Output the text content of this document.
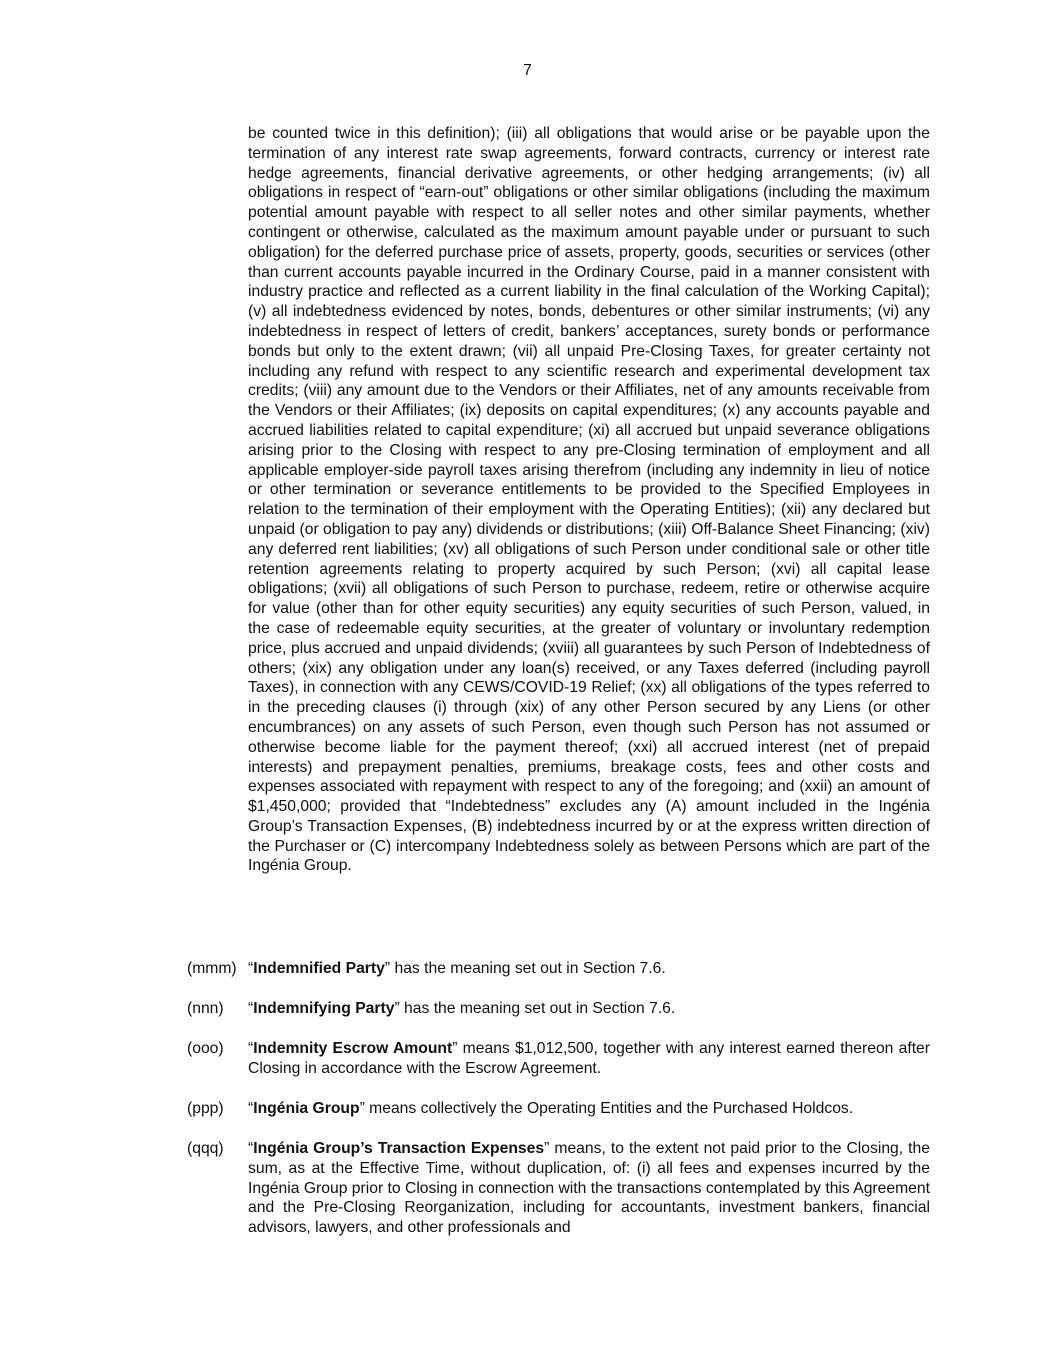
7

be counted twice in this definition); (iii) all obligations that would arise or be payable upon the termination of any interest rate swap agreements, forward contracts, currency or interest rate hedge agreements, financial derivative agreements, or other hedging arrangements; (iv) all obligations in respect of “earn-out” obligations or other similar obligations (including the maximum potential amount payable with respect to all seller notes and other similar payments, whether contingent or otherwise, calculated as the maximum amount payable under or pursuant to such obligation) for the deferred purchase price of assets, property, goods, securities or services (other than current accounts payable incurred in the Ordinary Course, paid in a manner consistent with industry practice and reflected as a current liability in the final calculation of the Working Capital); (v) all indebtedness evidenced by notes, bonds, debentures or other similar instruments; (vi) any indebtedness in respect of letters of credit, bankers’ acceptances, surety bonds or performance bonds but only to the extent drawn; (vii) all unpaid Pre-Closing Taxes, for greater certainty not including any refund with respect to any scientific research and experimental development tax credits; (viii) any amount due to the Vendors or their Affiliates, net of any amounts receivable from the Vendors or their Affiliates; (ix) deposits on capital expenditures; (x) any accounts payable and accrued liabilities related to capital expenditure; (xi) all accrued but unpaid severance obligations arising prior to the Closing with respect to any pre-Closing termination of employment and all applicable employer-side payroll taxes arising therefrom (including any indemnity in lieu of notice or other termination or severance entitlements to be provided to the Specified Employees in relation to the termination of their employment with the Operating Entities); (xii) any declared but unpaid (or obligation to pay any) dividends or distributions; (xiii) Off-Balance Sheet Financing; (xiv) any deferred rent liabilities; (xv) all obligations of such Person under conditional sale or other title retention agreements relating to property acquired by such Person; (xvi) all capital lease obligations; (xvii) all obligations of such Person to purchase, redeem, retire or otherwise acquire for value (other than for other equity securities) any equity securities of such Person, valued, in the case of redeemable equity securities, at the greater of voluntary or involuntary redemption price, plus accrued and unpaid dividends; (xviii) all guarantees by such Person of Indebtedness of others; (xix) any obligation under any loan(s) received, or any Taxes deferred (including payroll Taxes), in connection with any CEWS/COVID-19 Relief; (xx) all obligations of the types referred to in the preceding clauses (i) through (xix) of any other Person secured by any Liens (or other encumbrances) on any assets of such Person, even though such Person has not assumed or otherwise become liable for the payment thereof; (xxi) all accrued interest (net of prepaid interests) and prepayment penalties, premiums, breakage costs, fees and other costs and expenses associated with repayment with respect to any of the foregoing; and (xxii) an amount of $1,450,000; provided that “Indebtedness” excludes any (A) amount included in the Ingénia Group’s Transaction Expenses, (B) indebtedness incurred by or at the express written direction of the Purchaser or (C) intercompany Indebtedness solely as between Persons which are part of the Ingénia Group.

(mmm) “Indemnified Party” has the meaning set out in Section 7.6.
(nnn) “Indemnifying Party” has the meaning set out in Section 7.6.
(ooo) “Indemnity Escrow Amount” means $1,012,500, together with any interest earned thereon after Closing in accordance with the Escrow Agreement.
(ppp) “Ingénia Group” means collectively the Operating Entities and the Purchased Holdcos.
(qqq) “Ingénia Group’s Transaction Expenses” means, to the extent not paid prior to the Closing, the sum, as at the Effective Time, without duplication, of: (i) all fees and expenses incurred by the Ingénia Group prior to Closing in connection with the transactions contemplated by this Agreement and the Pre-Closing Reorganization, including for accountants, investment bankers, financial advisors, lawyers, and other professionals and
